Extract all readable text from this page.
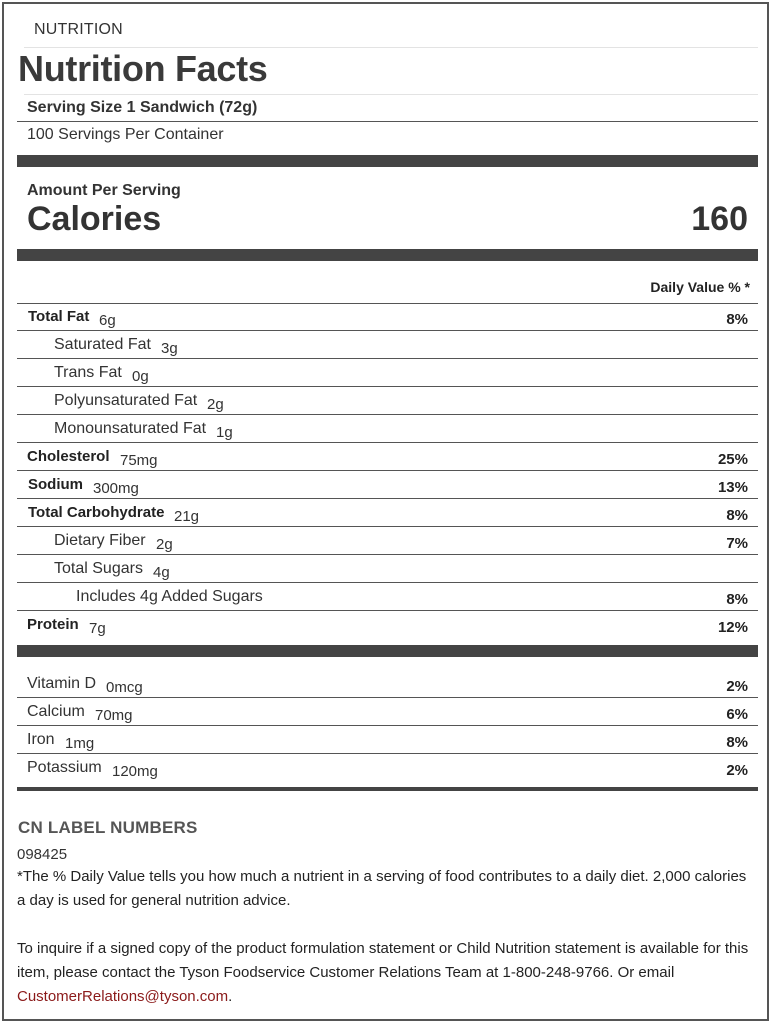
NUTRITION
Nutrition Facts
Serving Size 1 Sandwich (72g)
100 Servings Per Container
Amount Per Serving
Calories	160
Daily Value % *
Total Fat 6g	8%
Saturated Fat 3g
Trans Fat 0g
Polyunsaturated Fat 2g
Monounsaturated Fat 1g
Cholesterol 75mg	25%
Sodium 300mg	13%
Total Carbohydrate 21g	8%
Dietary Fiber 2g	7%
Total Sugars 4g
Includes 4g Added Sugars	8%
Protein 7g	12%
Vitamin D 0mcg	2%
Calcium 70mg	6%
Iron 1mg	8%
Potassium 120mg	2%
CN LABEL NUMBERS
098425
*The % Daily Value tells you how much a nutrient in a serving of food contributes to a daily diet. 2,000 calories a day is used for general nutrition advice.
To inquire if a signed copy of the product formulation statement or Child Nutrition statement is available for this item, please contact the Tyson Foodservice Customer Relations Team at 1-800-248-9766. Or email CustomerRelations@tyson.com.
